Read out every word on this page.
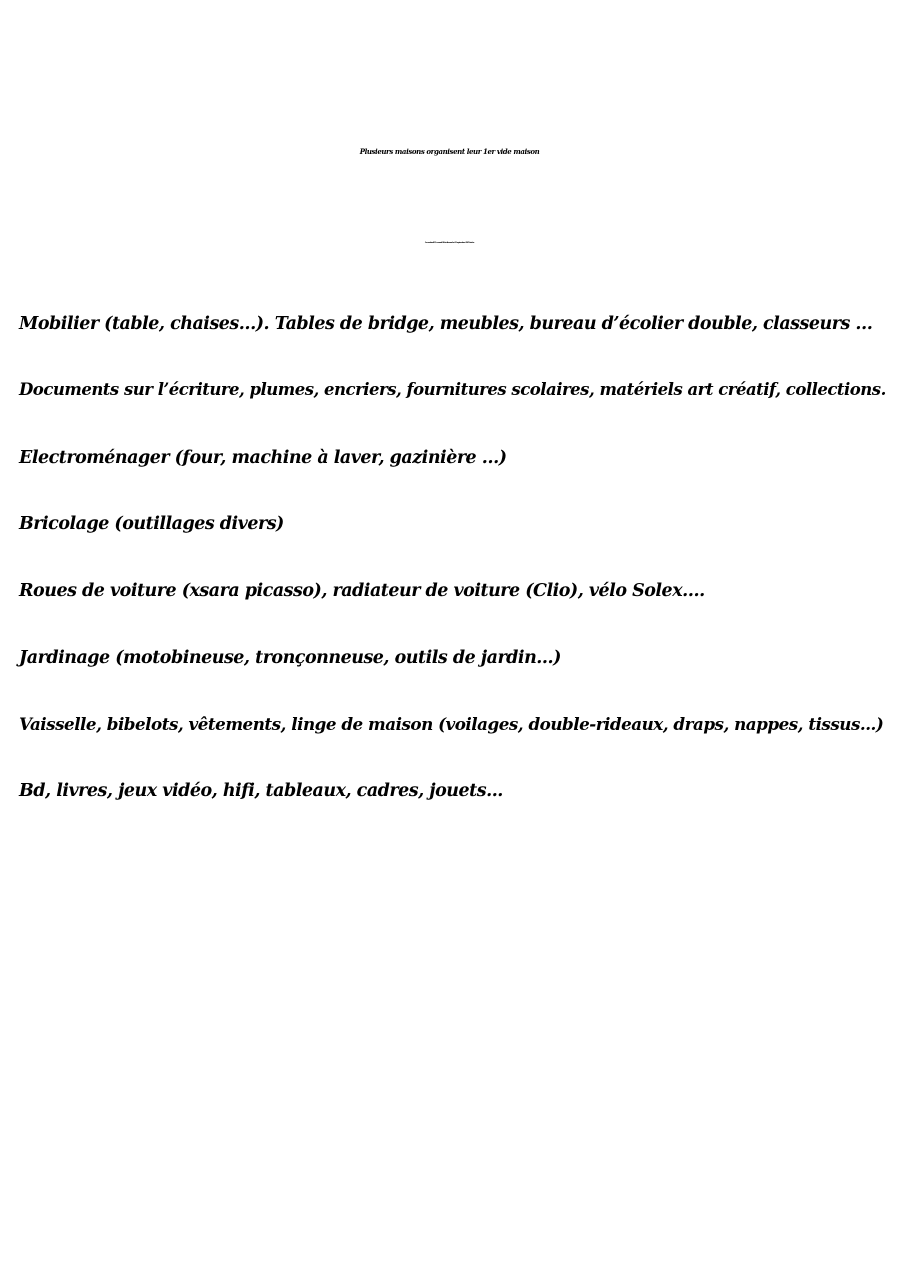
Plusieurs maisons organisent leur 1er vide maison
Le vendredi 19, samedi 20 et dimanche 21 septembre 2025 inclus.

Mobilier (table, chaises…). Tables de bridge, meubles, bureau d’écolier double, classeurs …

Documents sur l’écriture, plumes, encriers, fournitures scolaires, matériels art créatif, collections.

Electroménager (four, machine à laver, gazinière …)

Bricolage (outillages divers)

Roues de voiture (xsara picasso), radiateur de voiture (Clio), vélo Solex….

Jardinage (motobineuse, tronçonneuse, outils de jardin...)

Vaisselle, bibelots, vêtements, linge de maison (voilages, double-rideaux, draps, nappes, tissus...)

Bd, livres, jeux vidéo, hifi, tableaux, cadres, jouets...
